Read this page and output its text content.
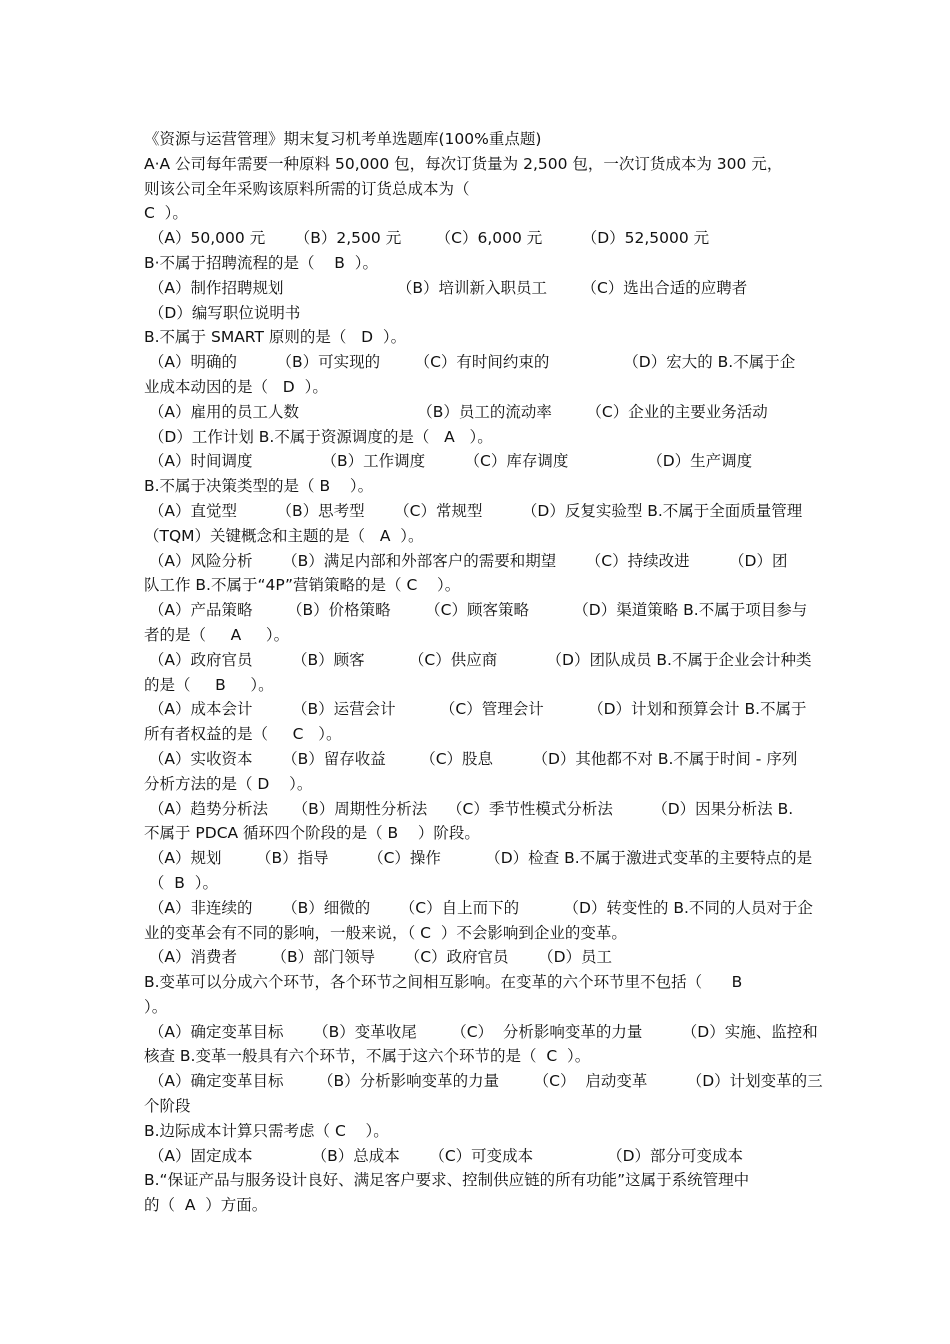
《资源与运营管理》期末复习机考单选题库(100%重点题)
A·A 公司每年需要一种原料 50,000 包，每次订货量为 2,500 包，一次订货成本为 300 元，
则该公司全年采购该原料所需的订货总成本为（
C  ）。
（A）50,000 元      （B）2,500 元       （C）6,000 元        （D）52,5000 元
B·不属于招聘流程的是（    B  ）。
（A）制作招聘规划                       （B）培训新入职员工       （C）选出合适的应聘者
（D）编写职位说明书
B.不属于 SMART 原则的是（   D  ）。
（A）明确的        （B）可实现的       （C）有时间约束的               （D）宏大的 B.不属于企
业成本动因的是（   D  ）。
（A）雇用的员工人数                        （B）员工的流动率       （C）企业的主要业务活动
（D）工作计划 B.不属于资源调度的是（   A   ）。
（A）时间调度              （B）工作调度        （C）库存调度                （D）生产调度
B.不属于决策类型的是（ B    ）。
（A）直觉型        （B）思考型      （C）常规型        （D）反复实验型 B.不属于全面质量管理
（TQM）关键概念和主题的是（   A  ）。
（A）风险分析      （B）满足内部和外部客户的需要和期望      （C）持续改进        （D）团
队工作 B.不属于“4P”营销策略的是（ C    ）。
（A）产品策略       （B）价格策略       （C）顾客策略         （D）渠道策略 B.不属于项目参与
者的是（     A     ）。
（A）政府官员        （B）顾客         （C）供应商          （D）团队成员 B.不属于企业会计种类
的是（     B     ）。
（A）成本会计        （B）运营会计         （C）管理会计         （D）计划和预算会计 B.不属于
所有者权益的是（     C   ）。
（A）实收资本      （B）留存收益       （C）股息        （D）其他都不对 B.不属于时间 - 序列
分析方法的是（ D    ）。
（A）趋势分析法     （B）周期性分析法    （C）季节性模式分析法        （D）因果分析法 B.
不属于 PDCA 循环四个阶段的是（ B    ）阶段。
（A）规划       （B）指导        （C）操作         （D）检查 B.不属于激进式变革的主要特点的是
（  B  ）。
（A）非连续的      （B）细微的      （C）自上而下的         （D）转变性的 B.不同的人员对于企
业的变革会有不同的影响，一般来说，（ C  ）不会影响到企业的变革。
（A）消费者       （B）部门领导      （C）政府官员      （D）员工
B.变革可以分成六个环节，各个环节之间相互影响。在变革的六个环节里不包括（      B
）。
（A）确定变革目标      （B）变革收尾       （C）  分析影响变革的力量        （D）实施、监控和
核查 B.变革一般具有六个环节，不属于这六个环节的是（  C  ）。
（A）确定变革目标       （B）分析影响变革的力量       （C）  启动变革        （D）计划变革的三
个阶段
B.边际成本计算只需考虑（ C    ）。
（A）固定成本            （B）总成本      （C）可变成本               （D）部分可变成本
B.“保证产品与服务设计良好、满足客户要求、控制供应链的所有功能”这属于系统管理中
的（  A  ）方面。
